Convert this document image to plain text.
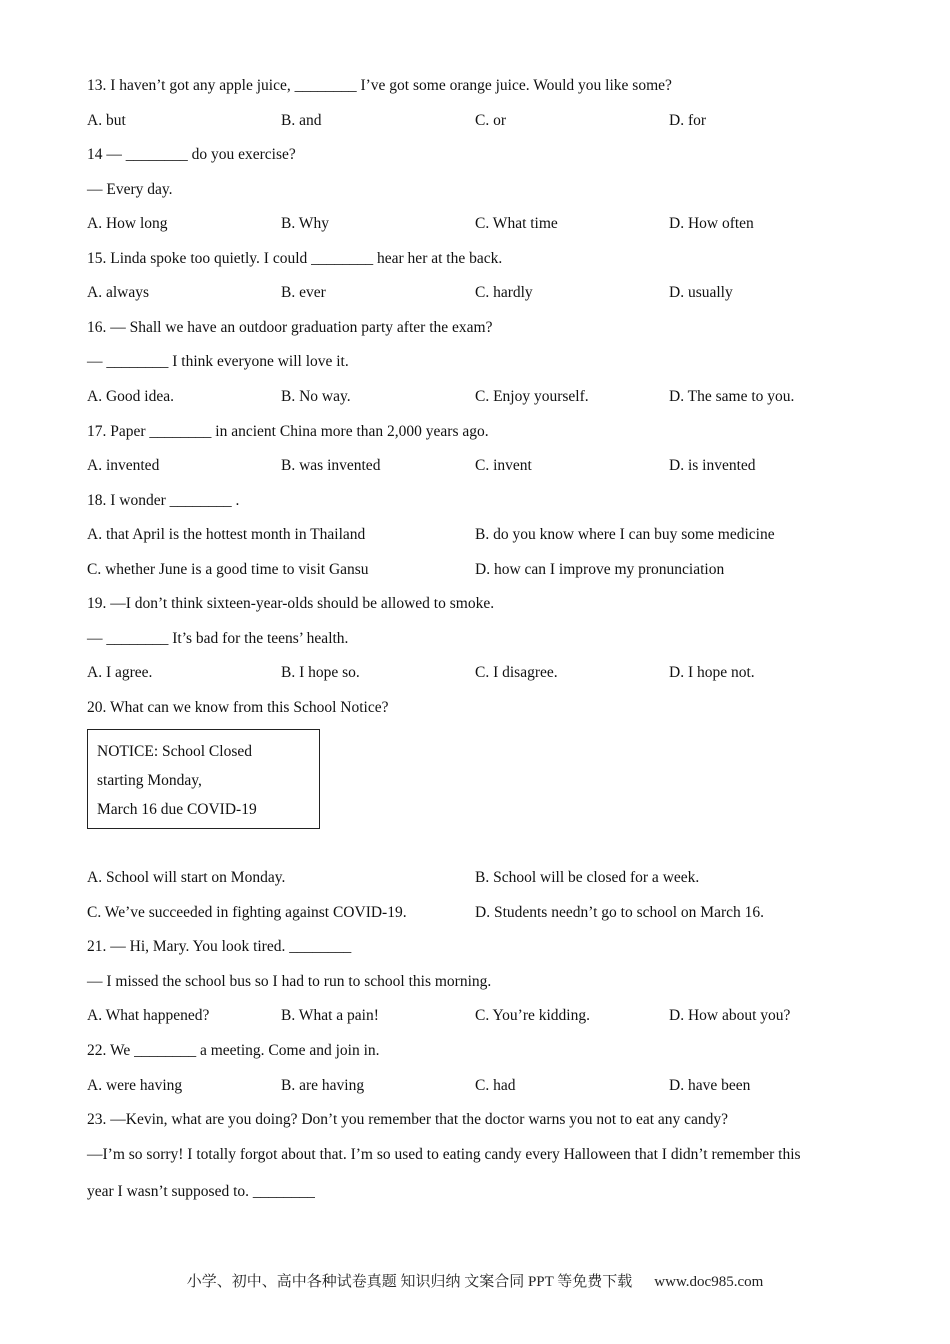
13. I haven’t got any apple juice, ________ I’ve got some orange juice. Would you like some?
A. but	B. and	C. or	D. for
14 — ________ do you exercise?
— Every day.
A. How long	B. Why	C. What time	D. How often
15. Linda spoke too quietly. I could ________ hear her at the back.
A. always	B. ever	C. hardly	D. usually
16. — Shall we have an outdoor graduation party after the exam?
— ________ I think everyone will love it.
A. Good idea.	B. No way.	C. Enjoy yourself.	D. The same to you.
17. Paper ________ in ancient China more than 2,000 years ago.
A. invented	B. was invented	C. invent	D. is invented
18. I wonder ________ .
A. that April is the hottest month in Thailand	B. do you know where I can buy some medicine
C. whether June is a good time to visit Gansu	D. how can I improve my pronunciation
19. —I don’t think sixteen-year-olds should be allowed to smoke.
— ________ It’s bad for the teens’ health.
A. I agree.	B. I hope so.	C. I disagree.	D. I hope not.
20. What can we know from this School Notice?
NOTICE: School Closed
starting Monday,
March 16 due COVID-19
A. School will start on Monday.	B. School will be closed for a week.
C. We’ve succeeded in fighting against COVID-19.	D. Students needn’t go to school on March 16.
21. — Hi, Mary. You look tired. ________
— I missed the school bus so I had to run to school this morning.
A. What happened?	B. What a pain!	C. You’re kidding.	D. How about you?
22. We ________ a meeting. Come and join in.
A. were having	B. are having	C. had	D. have been
23. —Kevin, what are you doing? Don’t you remember that the doctor warns you not to eat any candy?
—I’m so sorry! I totally forgot about that. I’m so used to eating candy every Halloween that I didn’t remember this
year I wasn’t supposed to. ________
小学、初中、高中各种试卷真题 知识归纳 文案合同 PPT 等免费下载 www.doc985.com
